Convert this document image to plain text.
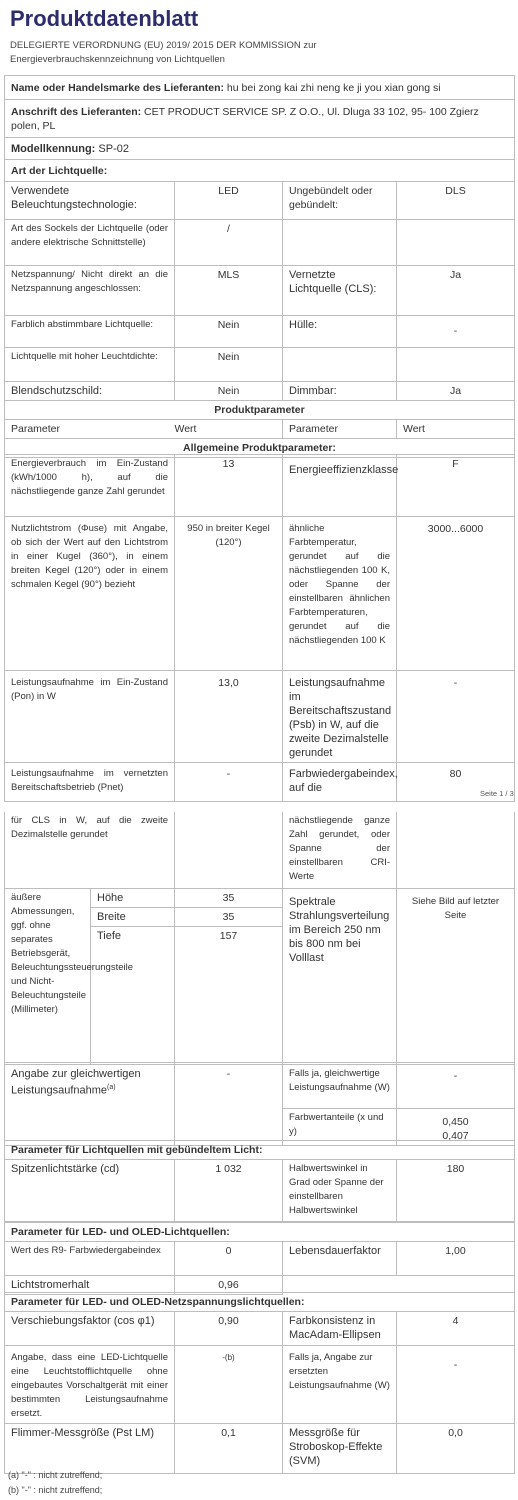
Produktdatenblatt
DELEGIERTE VERORDNUNG (EU) 2019/ 2015 DER KOMMISSION zur Energieverbrauchskennzeichnung von Lichtquellen
Name oder Handelsmarke des Lieferanten: hu bei zong kai zhi neng ke ji you xian gong si
Anschrift des Lieferanten: CET PRODUCT SERVICE SP. Z O.O., Ul. Dluga 33 102, 95- 100 Zgierz polen, PL
Modellkennung: SP-02
Art der Lichtquelle:
Verwendete Beleuchtungstechnologie:	LED	Ungebündelt oder gebündelt:	DLS
Art des Sockels der Lichtquelle (oder andere elektrische Schnittstelle)	/		
Netzspannung/ Nicht direkt an die Netzspannung angeschlossen:	MLS	Vernetzte Lichtquelle (CLS):	Ja
Farblich abstimmbare Lichtquelle:	Nein	Hülle:	-
Lichtquelle mit hoher Leuchtdichte:	Nein		
Blendschutzschild:	Nein	Dimmbar:	Ja
Produktparameter
Parameter	Wert	Parameter	Wert
Allgemeine Produktparameter:
Energieverbrauch im Ein-Zustand (kWh/1000 h), auf die nächstliegende ganze Zahl gerundet	13	Energieeffizienzklasse	F
Nutzlichtstrom (Φuse) mit Angabe, ob sich der Wert auf den Lichtstrom in einer Kugel (360°), in einem breiten Kegel (120°) oder in einem schmalen Kegel (90°) bezieht	950 in breiter Kegel (120°)	ähnliche Farbtemperatur, gerundet auf die nächstliegenden 100 K, oder Spanne der einstellbaren ähnlichen Farbtemperaturen, gerundet auf die nächstliegenden 100 K	3000...6000
Leistungsaufnahme im Ein-Zustand (Pon) in W	13,0	Leistungsaufnahme im Bereitschaftszustand (Psb) in W, auf die zweite Dezimalstelle gerundet	-
Leistungsaufnahme im vernetzten Bereitschaftsbetrieb (Pnet)	-	Farbwiedergabeindex, auf die	80
Seite 1 / 3
für CLS in W, auf die zweite Dezimalstelle gerundet		nächstliegende ganze Zahl gerundet, oder Spanne der einstellbaren CRI-Werte	
äußere Abmessungen, ggf. ohne separates Betriebsgerät, Beleuchtungssteuerungsteile und Nicht-Beleuchtungsteile (Millimeter)	Höhe	35	Spektrale Strahlungsverteilung im Bereich 250 nm bis 800 nm bei Volllast	Siehe Bild auf letzter Seite
	Breite	35		
	Tiefe	157		
Angabe zur gleichwertigen Leistungsaufnahme$^{(a)}$	-	Falls ja, gleichwertige Leistungsaufnahme (W)	-
		Farbwertanteile (x und y)	0,450
0,407
Parameter für Lichtquellen mit gebündeltem Licht:
Spitzenlichtstärke (cd)	1 032	Halbwertswinkel in Grad oder Spanne der einstellbaren Halbwertswinkel	180
Parameter für LED- und OLED-Lichtquellen:			
Wert des R9- Farbwiedergabeindex	0	Lebensdauerfaktor	1,00
Lichtstromerhalt	0,96		
Parameter für LED- und OLED-Netzspannungslichtquellen:			
Verschiebungsfaktor (cos φ1)	0,90	Farbkonsistenz in MacAdam-Ellipsen	4
Angabe, dass eine LED-Lichtquelle eine Leuchtstofflichtquelle ohne eingebautes Vorschaltgerät mit einer bestimmten Leistungsaufnahme ersetzt.	-(b)	Falls ja, Angabe zur ersetzten Leistungsaufnahme (W)	-
Flimmer-Messgröße (Pst LM)	0,1	Messgröße für Stroboskop-Effekte (SVM)	0,0
(a) "-" : nicht zutreffend;
(b) "-" : nicht zutreffend;
